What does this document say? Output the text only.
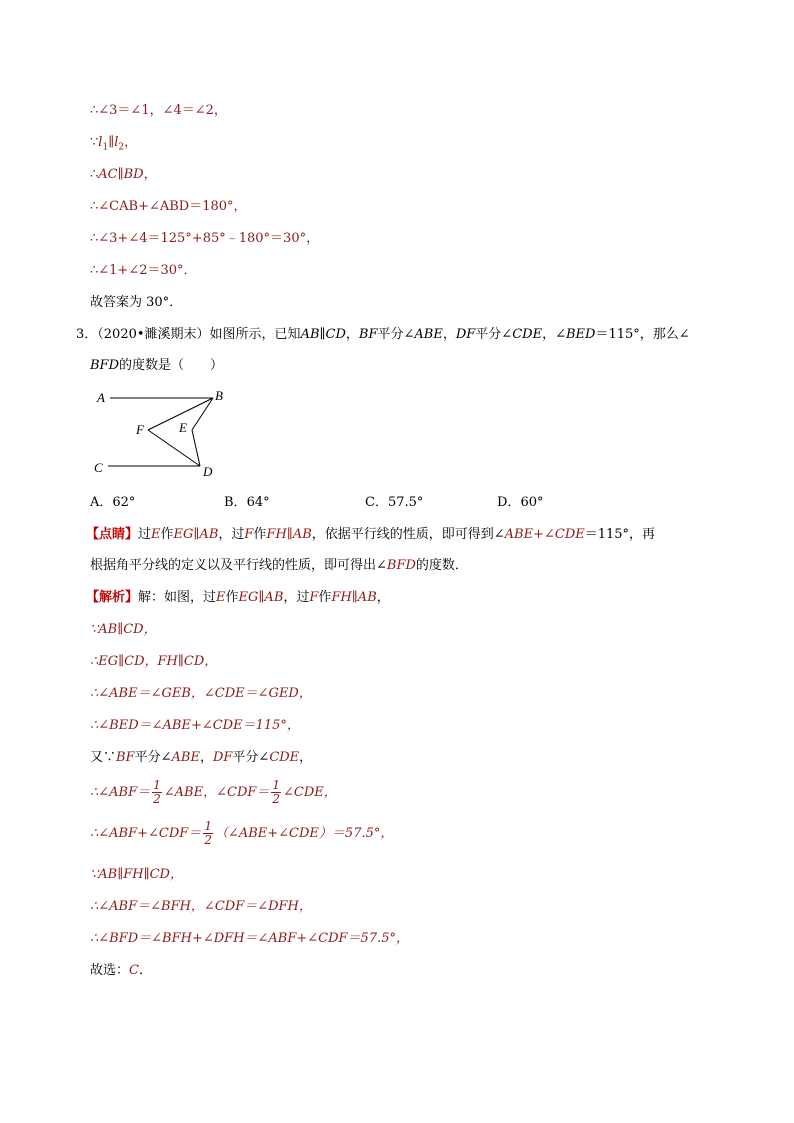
∴∠3＝∠1，∠4＝∠2，
$\because l_1\parallel l_2$，
∴AC∥BD，
∴∠CAB+∠ABD＝180°，
∴∠3+∠4＝125°+85°﹣180°＝30°，
∴∠1+∠2＝30°．
故答案为 30°．
3．（2020•濉溪期末）如图所示，已知AB∥CD，BF平分∠ABE，DF平分∠CDE，∠BED＝115°，那么∠
BFD的度数是（　　）
A	B
C	D
E
F
A．62°	B．64°	C．57.5°	D．60°
【点睛】过E作EG∥AB，过F作FH∥AB，依据平行线的性质，即可得到∠ABE+∠CDE＝115°，再
根据角平分线的定义以及平行线的性质，即可得出∠BFD的度数．
【解析】解：如图，过E作EG∥AB，过F作FH∥AB，
∵AB∥CD，
∴EG∥CD，FH∥CD，
∴∠ABE＝∠GEB，∠CDE＝∠GED，
∴∠BED＝∠ABE+∠CDE＝115°，
又∵BF平分∠ABE，DF平分∠CDE，
∴∠ABF＝ $\frac{1}{2}$ ∠ABE，∠CDF＝ $\frac{1}{2}$ ∠CDE，
∴∠ABF+∠CDF＝ $\frac{1}{2}$ （∠ABE+∠CDE）＝57.5°，
∵AB∥FH∥CD，
∴∠ABF＝∠BFH，∠CDF＝∠DFH，
∴∠BFD＝∠BFH+∠DFH＝∠ABF+∠CDF＝57.5°，
故选：C．
